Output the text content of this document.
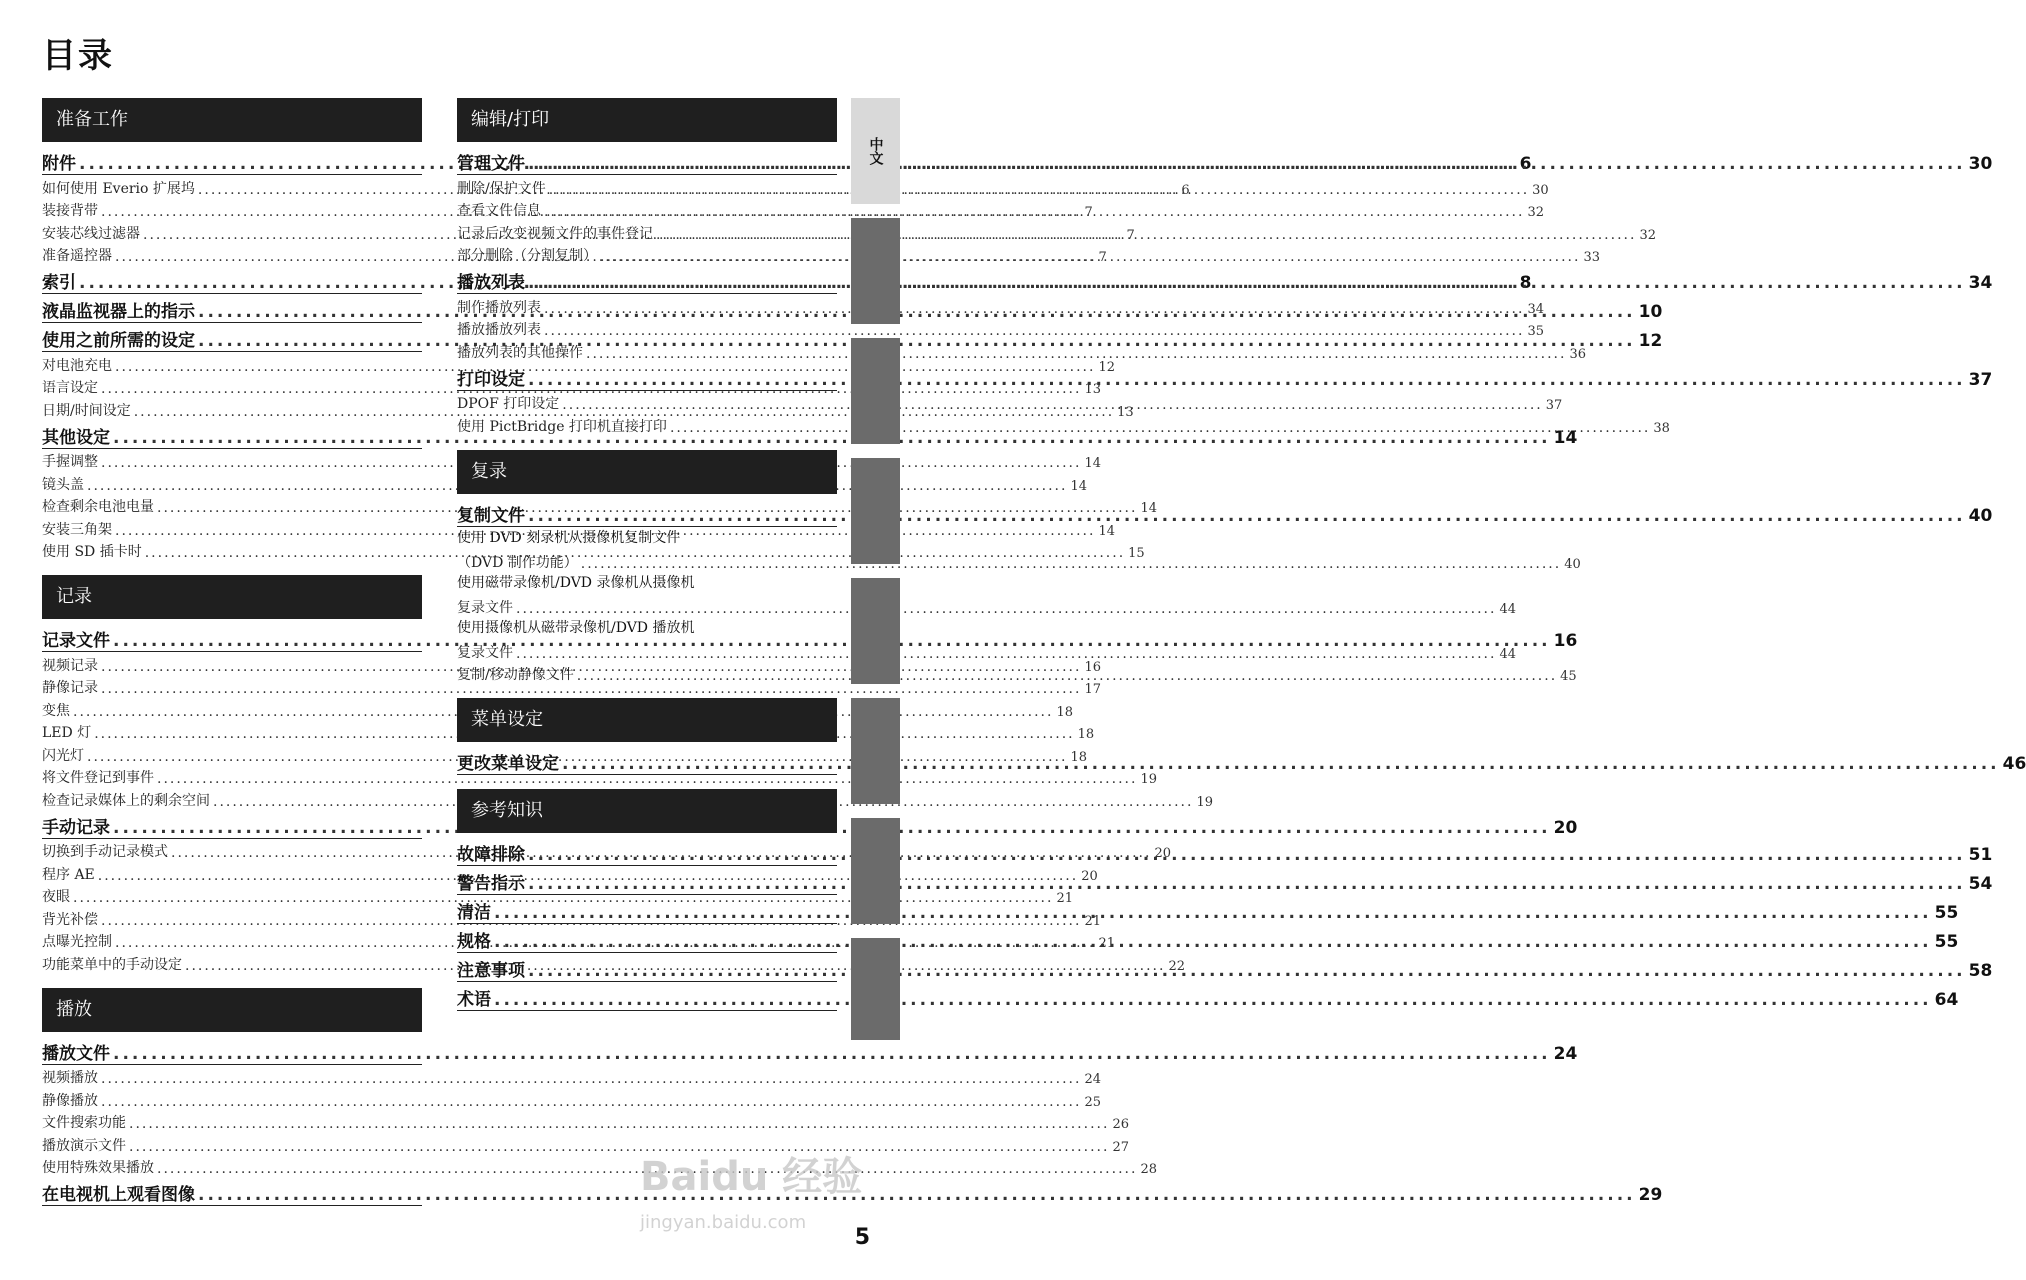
目录
准备工作
附件 .....	6
如何使用 Everio 扩展坞 .....	6
装接背带 .....	7
安装芯线过滤器 .....	7
准备遥控器 .....	7
索引 .....	8
液晶监视器上的指示 .....	10
使用之前所需的设定 .....	12
对电池充电 .....	12
语言设定 .....	13
日期/时间设定 .....	13
其他设定 .....	14
手握调整 .....	14
镜头盖 .....	14
检查剩余电池电量 .....	14
安装三角架 .....	14
使用 SD 插卡时 .....	15
记录
记录文件 .....	16
视频记录 .....	16
静像记录 .....	17
变焦 .....	18
LED 灯 .....	18
闪光灯 .....	18
将文件登记到事件 .....	19
检查记录媒体上的剩余空间 .....	19
手动记录 .....	20
切换到手动记录模式 .....	20
程序 AE .....	20
夜眼 .....	21
背光补偿 .....	21
点曝光控制 .....	21
功能菜单中的手动设定 .....	22
播放
播放文件 .....	24
视频播放 .....	24
静像播放 .....	25
文件搜索功能 .....	26
播放演示文件 .....	27
使用特殊效果播放 .....	28
在电视机上观看图像 .....	29
编辑/打印
管理文件 .....	30
删除/保护文件 .....	30
查看文件信息 .....	32
记录后改变视频文件的事件登记 .....	32
部分删除（分割复制） .....	33
播放列表 .....	34
制作播放列表 .....	34
播放播放列表 .....	35
播放列表的其他操作 .....	36
打印设定 .....	37
DPOF 打印设定 .....	37
使用 PictBridge 打印机直接打印 .....	38
复录
复制文件 .....	40
使用 DVD 刻录机从摄像机复制文件
（DVD 制作功能） .....	40
使用磁带录像机/DVD 录像机从摄像机
复录文件 .....	44
使用摄像机从磁带录像机/DVD 播放机
复录文件 .....	44
复制/移动静像文件 .....	45
菜单设定
更改菜单设定 .....	46
参考知识
故障排除 .....	51
警告指示 .....	54
清洁 .....	55
规格 .....	55
注意事项 .....	58
术语 .....	64
中文
Baidu 经验
jingyan.baidu.com
5
